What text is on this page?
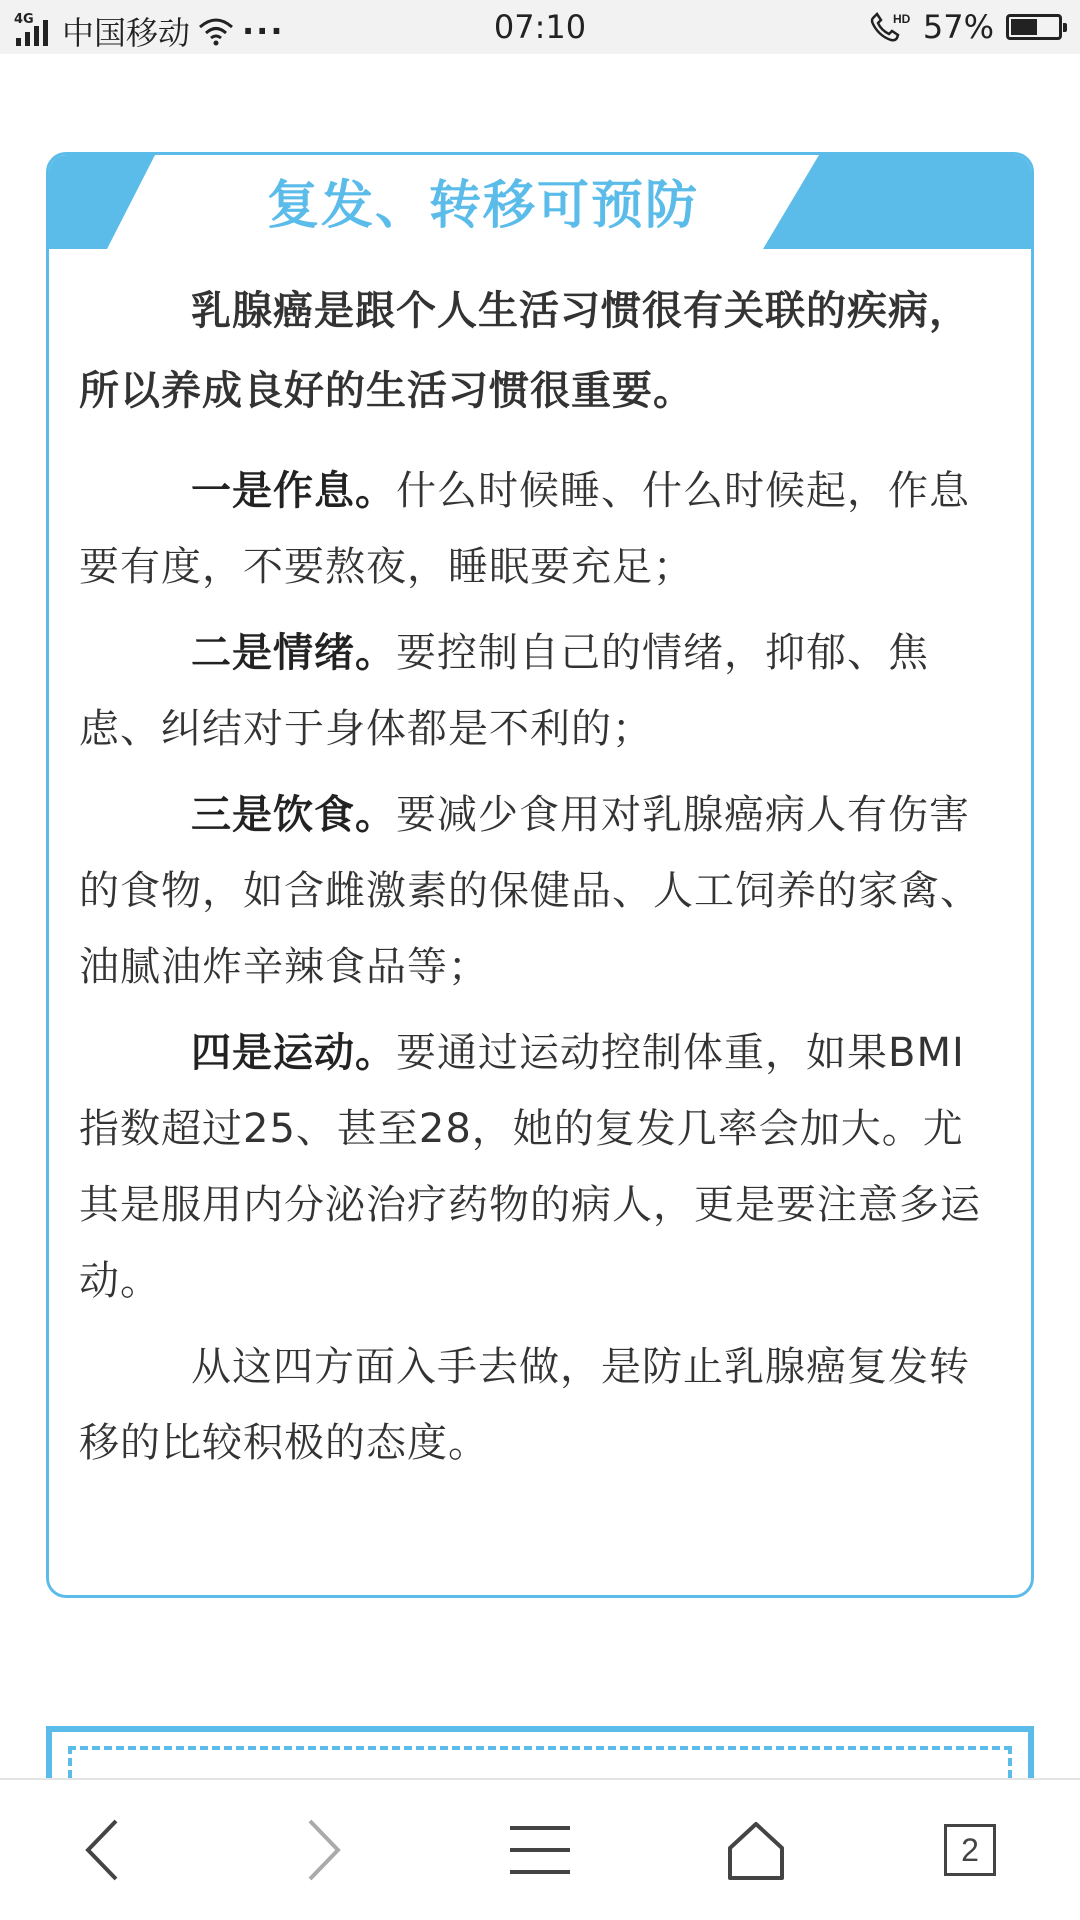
4G 中国移动 ···	07:10	HD 57%
复发、转移可预防

乳腺癌是跟个人生活习惯很有关联的疾病，所以养成良好的生活习惯很重要。

一是作息。什么时候睡、什么时候起，作息要有度，不要熬夜，睡眠要充足；

二是情绪。要控制自己的情绪，抑郁、焦虑、纠结对于身体都是不利的；

三是饮食。要减少食用对乳腺癌病人有伤害的食物，如含雌激素的保健品、人工饲养的家禽、油腻油炸辛辣食品等；

四是运动。要通过运动控制体重，如果BMI指数超过25、甚至28，她的复发几率会加大。尤其是服用内分泌治疗药物的病人，更是要注意多运动。

从这四方面入手去做，是防止乳腺癌复发转移的比较积极的态度。

2
